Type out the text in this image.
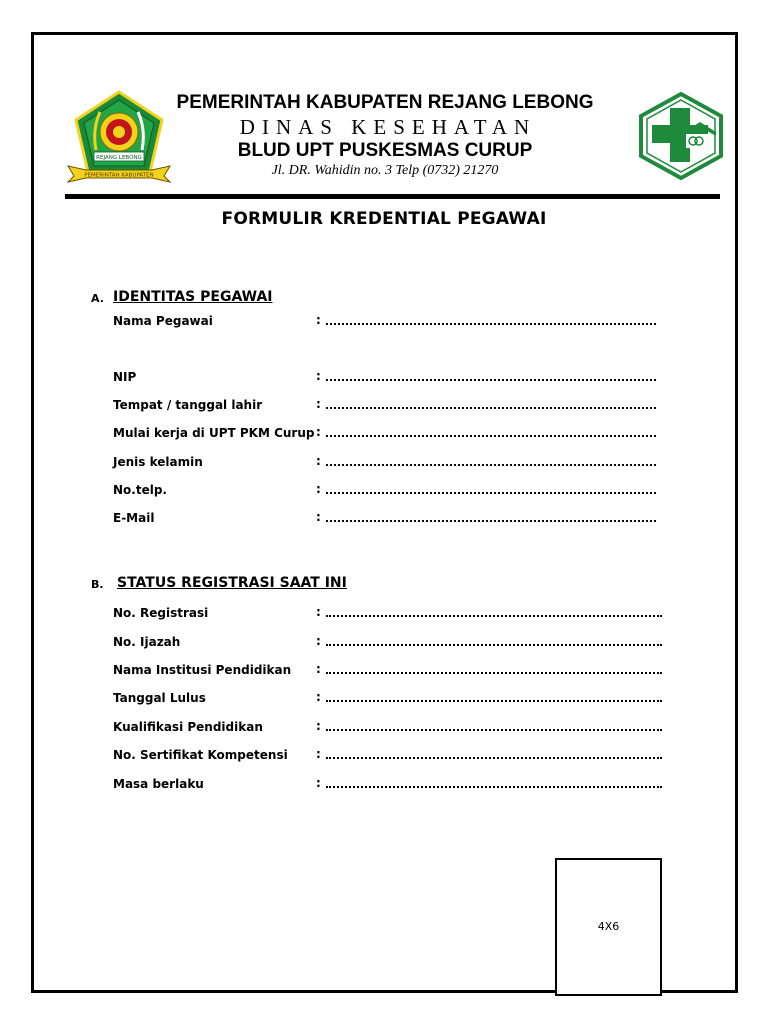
REJANG LEBONG
PEMERINTAH KABUPATEN

PEMERINTAH KABUPATEN REJANG LEBONG

DINAS KESEHATAN

BLUD UPT PUSKESMAS CURUP

Jl. DR. Wahidin no. 3 Telp (0732) 21270

FORMULIR KREDENTIAL PEGAWAI
A. IDENTITAS PEGAWAI
Nama Pegawai	:
NIP	:
Tempat / tanggal lahir	:
Mulai kerja di UPT PKM Curup :
Jenis kelamin	:
No.telp.	:
E-Mail	:
B. STATUS REGISTRASI SAAT INI
No. Registrasi	:
No. Ijazah	:
Nama Institusi Pendidikan :
Tanggal Lulus	:
Kualifikasi Pendidikan	:
No. Sertifikat Kompetensi :
Masa berlaku	:
4X6
